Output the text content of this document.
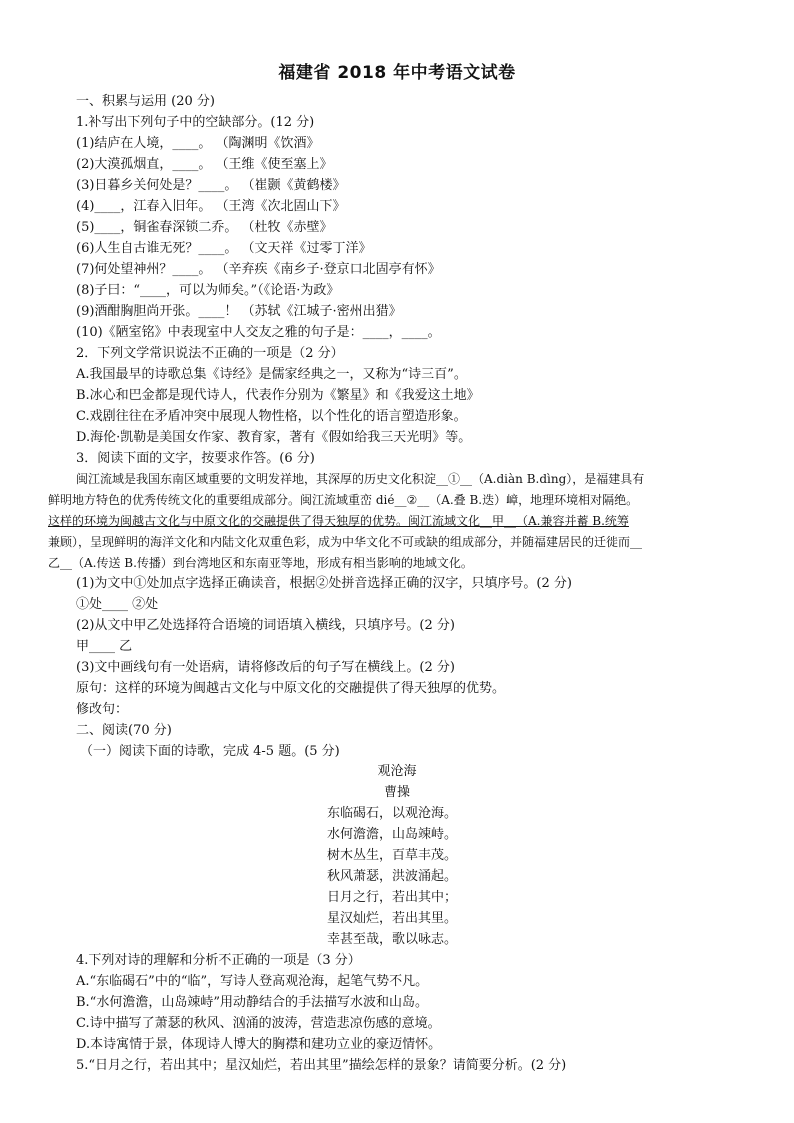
福建省 2018 年中考语文试卷
一、积累与运用 (20 分)
1.补写出下列句子中的空缺部分。(12 分)
(1)结庐在人境，____。 （陶渊明《饮酒》
(2)大漠孤烟直，____。 （王维《使至塞上》
(3)日暮乡关何处是？____。 （崔颢《黄鹤楼》
(4)____，江春入旧年。 （王湾《次北固山下》
(5)____，铜雀春深锁二乔。 （杜牧《赤壁》
(6)人生自古谁无死？____。 （文天祥《过零丁洋》
(7)何处望神州？____。 （辛弃疾《南乡子·登京口北固亭有怀》
(8)子曰：“____，可以为师矣。”（《论语·为政》
(9)酒酣胸胆尚开张。____！ （苏轼《江城子·密州出猎》
(10)《陋室铭》中表现室中人交友之雅的句子是：____，____。
2．下列文学常识说法不正确的一项是（2 分）
A.我国最早的诗歌总集《诗经》是儒家经典之一，又称为“诗三百”。
B.冰心和巴金都是现代诗人，代表作分别为《繁星》和《我爱这土地》
C.戏剧往往在矛盾冲突中展现人物性格，以个性化的语言塑造形象。
D.海伦·凯勒是美国女作家、教育家，著有《假如给我三天光明》等。
3．阅读下面的文字，按要求作答。(6 分)
闽江流域是我国东南区域重要的文明发祥地，其深厚的历史文化积淀__①__（A.diàn B.dìng），是福建具有
鲜明地方特色的优秀传统文化的重要组成部分。闽江流域重峦 dié__②__（A.叠 B.迭）嶂，地理环境相对隔绝。
这样的环境为闽越古文化与中原文化的交融提供了得天独厚的优势。闽江流域文化__甲__（A.兼容并蓄 B.统筹
兼顾），呈现鲜明的海洋文化和内陆文化双重色彩，成为中华文化不可或缺的组成部分，并随福建居民的迁徙而__
乙__（A.传送 B.传播）到台湾地区和东南亚等地，形成有相当影响的地域文化。
(1)为文中①处加点字选择正确读音，根据②处拼音选择正确的汉字，只填序号。(2 分)
①处____ ②处
(2)从文中甲乙处选择符合语境的词语填入横线，只填序号。(2 分)
甲____ 乙
(3)文中画线句有一处语病，请将修改后的句子写在横线上。(2 分)
原句：这样的环境为闽越古文化与中原文化的交融提供了得天独厚的优势。
修改句：
二、阅读(70 分)
（一）阅读下面的诗歌，完成 4-5 题。(5 分)
观沧海
曹操
东临碣石，以观沧海。
水何澹澹，山岛竦峙。
树木丛生，百草丰茂。
秋风萧瑟，洪波涌起。
日月之行，若出其中；
星汉灿烂，若出其里。
幸甚至哉，歌以咏志。
4.下列对诗的理解和分析不正确的一项是（3 分）
A.“东临碣石”中的“临”，写诗人登高观沧海，起笔气势不凡。
B.“水何澹澹，山岛竦峙”用动静结合的手法描写水波和山岛。
C.诗中描写了萧瑟的秋风、汹涌的波涛，营造悲凉伤感的意境。
D.本诗寓情于景，体现诗人博大的胸襟和建功立业的豪迈情怀。
5.“日月之行，若出其中；星汉灿烂，若出其里”描绘怎样的景象？请简要分析。(2 分)
